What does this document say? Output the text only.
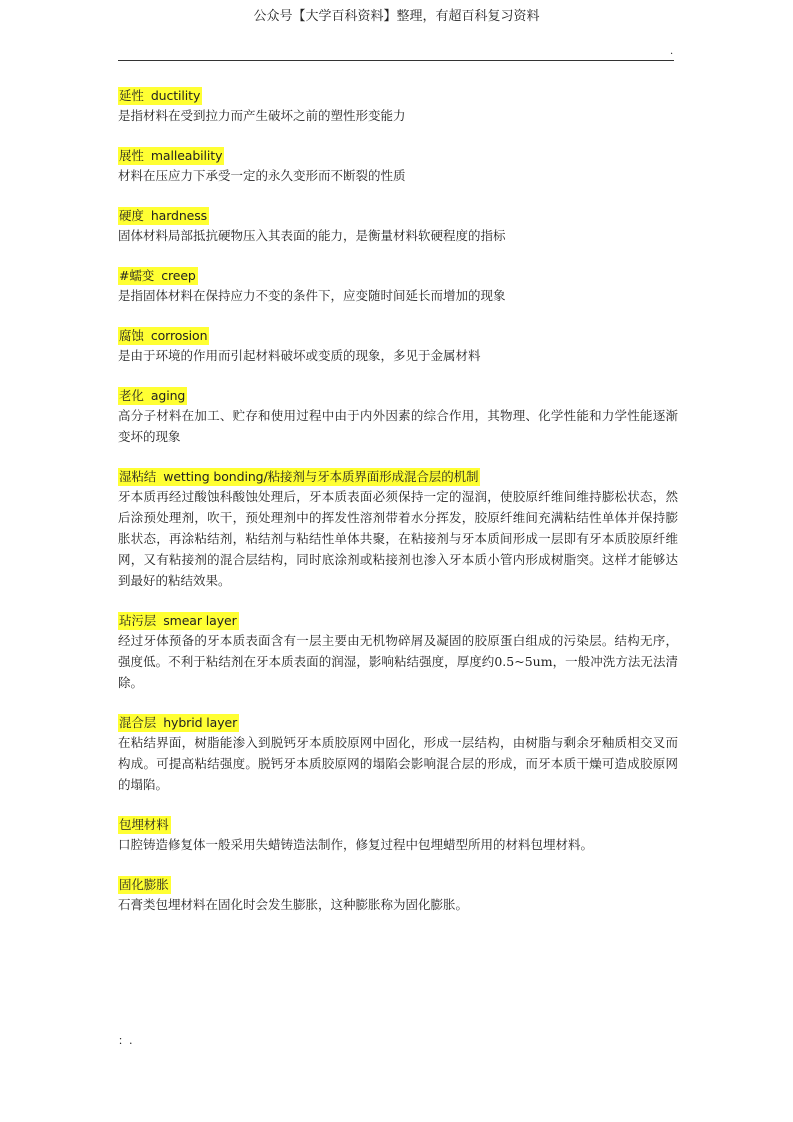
公众号【大学百科资料】整理，有超百科复习资料
.
延性 ductility
是指材料在受到拉力而产生破坏之前的塑性形变能力
展性 malleability
材料在压应力下承受一定的永久变形而不断裂的性质
硬度 hardness
固体材料局部抵抗硬物压入其表面的能力，是衡量材料软硬程度的指标
#蠕变 creep
是指固体材料在保持应力不变的条件下，应变随时间延长而增加的现象
腐蚀 corrosion
是由于环境的作用而引起材料破坏或变质的现象，多见于金属材料
老化 aging
高分子材料在加工、贮存和使用过程中由于内外因素的综合作用，其物理、化学性能和力学性能逐渐变坏的现象
湿粘结 wetting bonding/粘接剂与牙本质界面形成混合层的机制
牙本质再经过酸蚀科酸蚀处理后，牙本质表面必须保持一定的湿润，使胶原纤维间维持膨松状态，然后涂预处理剂，吹干，预处理剂中的挥发性溶剂带着水分挥发，胶原纤维间充满粘结性单体并保持膨胀状态，再涂粘结剂，粘结剂与粘结性单体共聚，在粘接剂与牙本质间形成一层即有牙本质胶原纤维网，又有粘接剂的混合层结构，同时底涂剂或粘接剂也渗入牙本质小管内形成树脂突。这样才能够达到最好的粘结效果。
玷污层 smear layer
经过牙体预备的牙本质表面含有一层主要由无机物碎屑及凝固的胶原蛋白组成的污染层。结构无序，强度低。不利于粘结剂在牙本质表面的润湿，影响粘结强度，厚度约0.5~5um，一般冲洗方法无法清除。
混合层 hybrid layer
在粘结界面，树脂能渗入到脱钙牙本质胶原网中固化，形成一层结构，由树脂与剩余牙釉质相交叉而构成。可提高粘结强度。脱钙牙本质胶原网的塌陷会影响混合层的形成，而牙本质干燥可造成胶原网的塌陷。
包埋材料
口腔铸造修复体一般采用失蜡铸造法制作，修复过程中包埋蜡型所用的材料包埋材料。
固化膨胀
石膏类包埋材料在固化时会发生膨胀，这种膨胀称为固化膨胀。
：.
